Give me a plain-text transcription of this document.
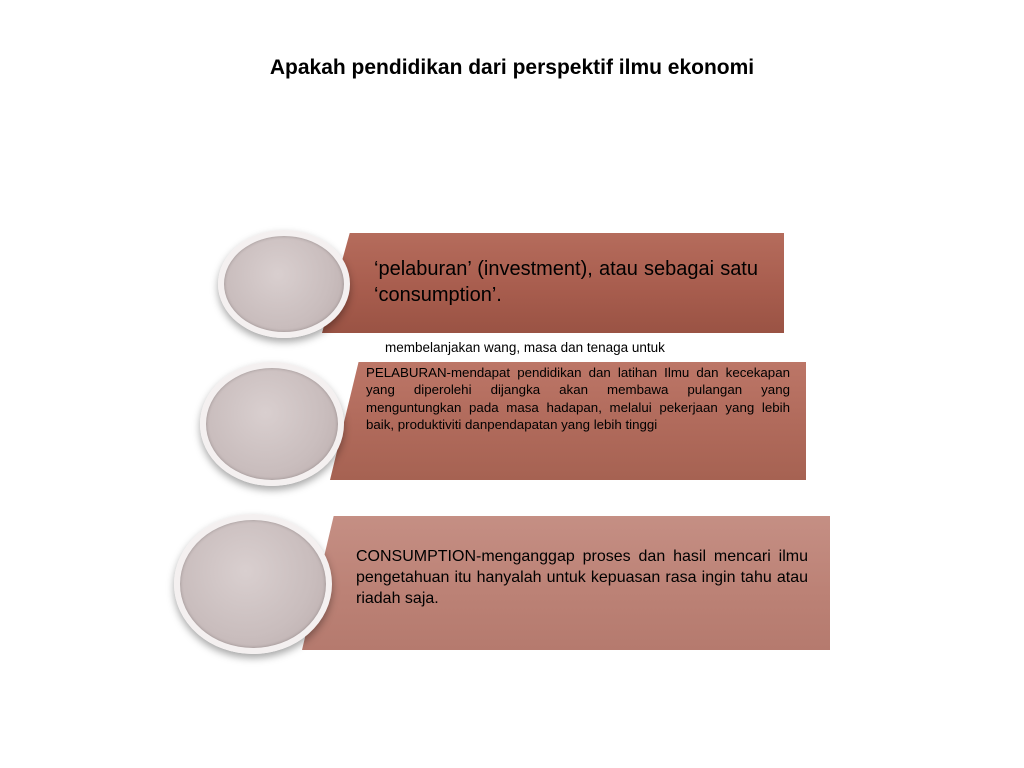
Apakah pendidikan dari perspektif ilmu ekonomi
‘pelaburan’ (investment), atau sebagai satu ‘consumption’.
membelanjakan wang, masa dan tenaga untuk
PELABURAN-mendapat pendidikan dan latihan Ilmu dan kecekapan yang diperolehi dijangka akan membawa pulangan yang menguntungkan pada masa hadapan, melalui pekerjaan yang lebih baik, produktiviti danpendapatan yang lebih tinggi
CONSUMPTION-menganggap proses dan hasil mencari ilmu pengetahuan itu hanyalah untuk kepuasan rasa ingin tahu atau riadah saja.
